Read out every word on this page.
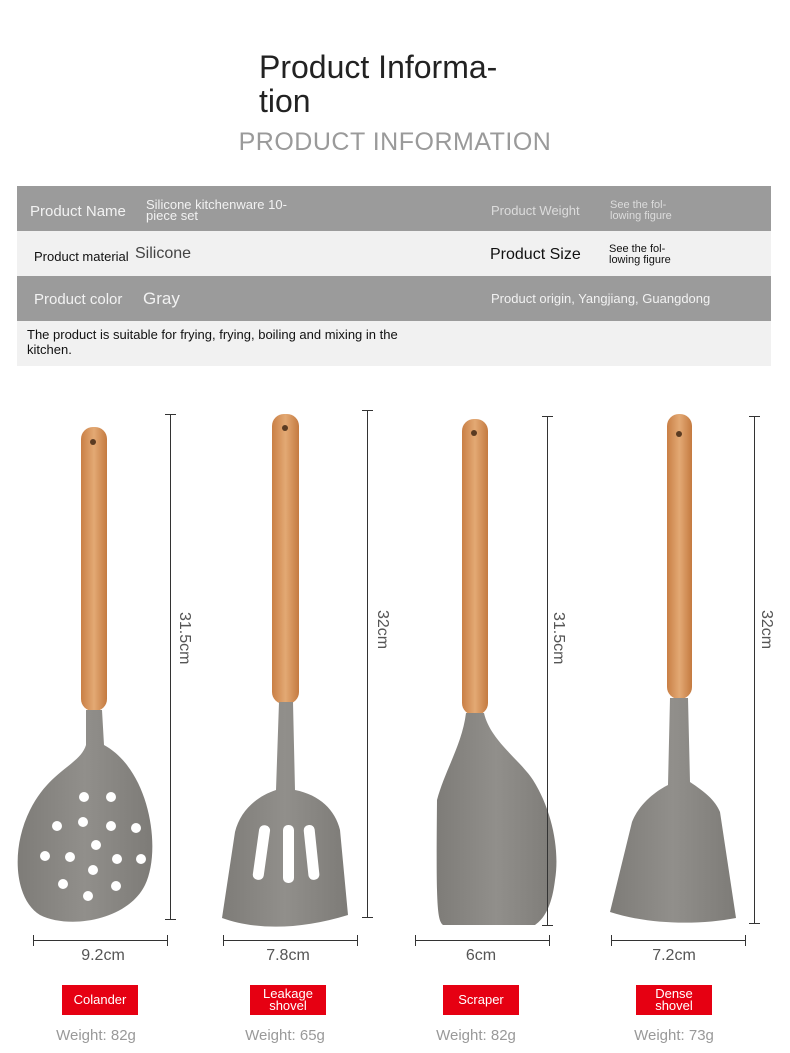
Product Informa-
tion
PRODUCT INFORMATION
Product Name Silicone kitchenware 10-piece set	Product Weight	See the fol-lowing figure
Product material Silicone	Product Size	See the fol-lowing figure
Product color Gray	Product origin, Yangjiang, Guangdong
The product is suitable for frying, frying, boiling and mixing in the kitchen.
31.5cm	32cm	31.5cm	32cm
9.2cm	7.8cm	6cm	7.2cm
Colander	Leakage shovel	Scraper	Dense shovel
Weight: 82g	Weight: 65g	Weight: 82g	Weight: 73g
